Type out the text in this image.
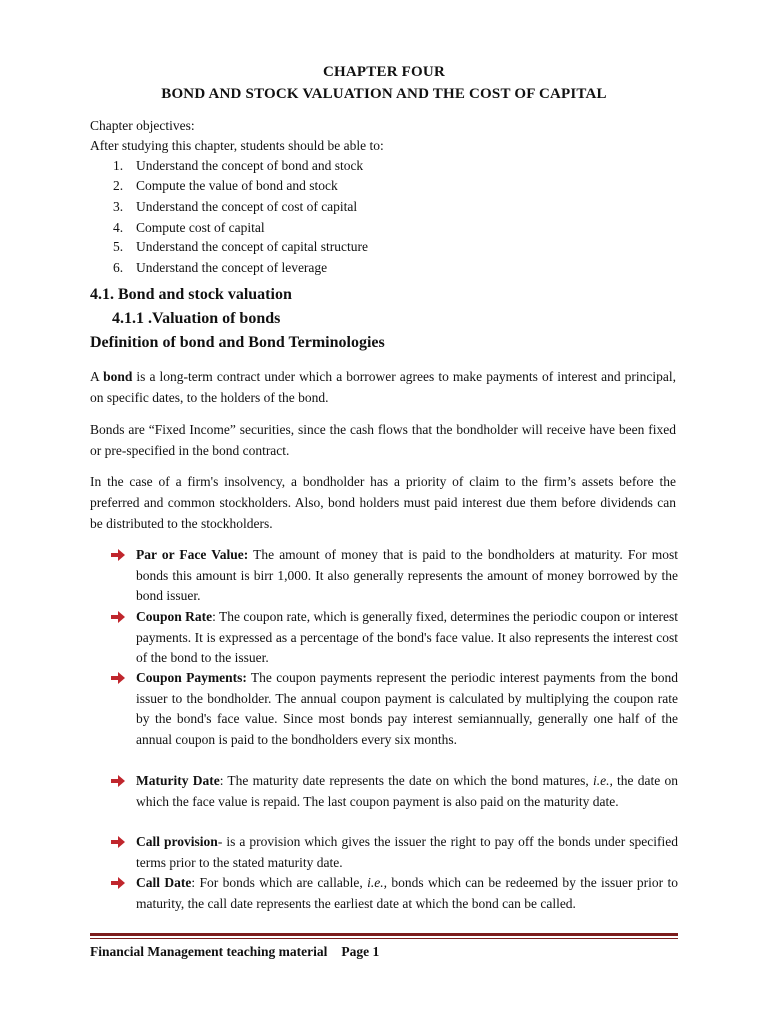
CHAPTER FOUR
BOND AND STOCK VALUATION AND THE COST OF CAPITAL
Chapter objectives:
After studying this chapter, students should be able to:
1. Understand the concept of bond and stock
2. Compute the value of bond and stock
3. Understand the concept of cost of capital
4. Compute cost of capital
5. Understand the concept of capital structure
6. Understand the concept of leverage
4.1. Bond and stock valuation
4.1.1 .Valuation of bonds
Definition of bond and Bond Terminologies

A bond is a long-term contract under which a borrower agrees to make payments of interest and principal, on specific dates, to the holders of the bond.

Bonds are “Fixed Income” securities, since the cash flows that the bondholder will receive have been fixed or pre-specified in the bond contract.

In the case of a firm's insolvency, a bondholder has a priority of claim to the firm’s assets before the preferred and common stockholders. Also, bond holders must paid interest due them before dividends can be distributed to the stockholders.

Par or Face Value: The amount of money that is paid to the bondholders at maturity. For most bonds this amount is birr 1,000. It also generally represents the amount of money borrowed by the bond issuer.

Coupon Rate: The coupon rate, which is generally fixed, determines the periodic coupon or interest payments. It is expressed as a percentage of the bond's face value. It also represents the interest cost of the bond to the issuer.

Coupon Payments: The coupon payments represent the periodic interest payments from the bond issuer to the bondholder. The annual coupon payment is calculated by multiplying the coupon rate by the bond's face value. Since most bonds pay interest semiannually, generally one half of the annual coupon is paid to the bondholders every six months.

Maturity Date: The maturity date represents the date on which the bond matures, i.e., the date on which the face value is repaid. The last coupon payment is also paid on the maturity date.

Call provision- is a provision which gives the issuer the right to pay off the bonds under specified terms prior to the stated maturity date.

Call Date: For bonds which are callable, i.e., bonds which can be redeemed by the issuer prior to maturity, the call date represents the earliest date at which the bond can be called.

Financial Management teaching material Page 1
